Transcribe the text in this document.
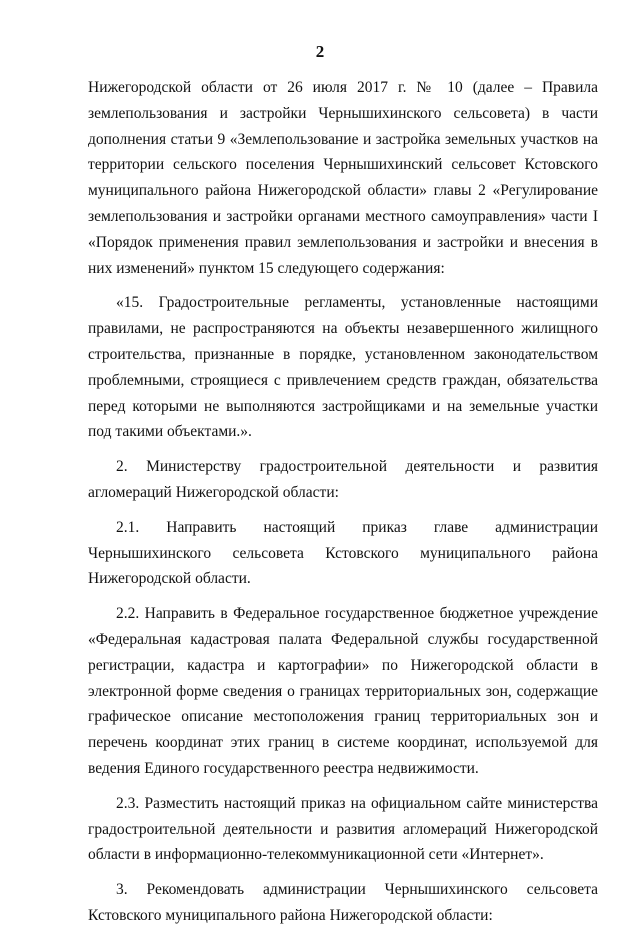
2

Нижегородской области от 26 июля 2017 г. № 10 (далее – Правила землепользования и застройки Чернышихинского сельсовета) в части дополнения статьи 9 «Землепользование и застройка земельных участков на территории сельского поселения Чернышихинский сельсовет Кстовского муниципального района Нижегородской области» главы 2 «Регулирование землепользования и застройки органами местного самоуправления» части I «Порядок применения правил землепользования и застройки и внесения в них изменений» пунктом 15 следующего содержания:

«15. Градостроительные регламенты, установленные настоящими правилами, не распространяются на объекты незавершенного жилищного строительства, признанные в порядке, установленном законодательством проблемными, строящиеся с привлечением средств граждан, обязательства перед которыми не выполняются застройщиками и на земельные участки под такими объектами.».

2. Министерству градостроительной деятельности и развития агломераций Нижегородской области:

2.1. Направить настоящий приказ главе администрации Чернышихинского сельсовета Кстовского муниципального района Нижегородской области.

2.2. Направить в Федеральное государственное бюджетное учреждение «Федеральная кадастровая палата Федеральной службы государственной регистрации, кадастра и картографии» по Нижегородской области в электронной форме сведения о границах территориальных зон, содержащие графическое описание местоположения границ территориальных зон и перечень координат этих границ в системе координат, используемой для ведения Единого государственного реестра недвижимости.

2.3. Разместить настоящий приказ на официальном сайте министерства градостроительной деятельности и развития агломераций Нижегородской области в информационно-телекоммуникационной сети «Интернет».

3. Рекомендовать администрации Чернышихинского сельсовета Кстовского муниципального района Нижегородской области:
